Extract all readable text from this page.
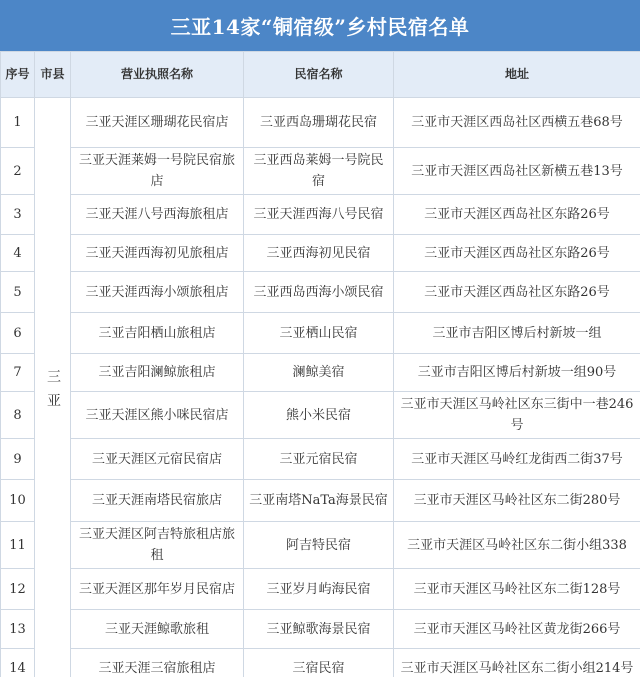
三亚14家“铜宿级”乡村民宿名单
序号	市县	营业执照名称	民宿名称	地址
1	三亚	三亚天涯区珊瑚花民宿店	三亚西岛珊瑚花民宿	三亚市天涯区西岛社区西横五巷68号
2		三亚天涯莱姆一号院民宿旅店	三亚西岛莱姆一号院民宿	三亚市天涯区西岛社区新横五巷13号
3		三亚天涯八号西海旅租店	三亚天涯西海八号民宿	三亚市天涯区西岛社区东路26号
4		三亚天涯西海初见旅租店	三亚西海初见民宿	三亚市天涯区西岛社区东路26号
5		三亚天涯西海小颂旅租店	三亚西岛西海小颂民宿	三亚市天涯区西岛社区东路26号
6		三亚吉阳栖山旅租店	三亚栖山民宿	三亚市吉阳区博后村新坡一组
7		三亚吉阳澜鲸旅租店	澜鲸美宿	三亚市吉阳区博后村新坡一组90号
8		三亚天涯区熊小咪民宿店	熊小米民宿	三亚市天涯区马岭社区东三街中一巷246号
9		三亚天涯区元宿民宿店	三亚元宿民宿	三亚市天涯区马岭红龙街西二街37号
10		三亚天涯南塔民宿旅店	三亚南塔NaTa海景民宿	三亚市天涯区马岭社区东二街280号
11		三亚天涯区阿吉特旅租店旅租	阿吉特民宿	三亚市天涯区马岭社区东二街小组338
12		三亚天涯区那年岁月民宿店	三亚岁月屿海民宿	三亚市天涯区马岭社区东二街128号
13		三亚天涯鲸歌旅租	三亚鲸歌海景民宿	三亚市天涯区马岭社区黄龙街266号
14		三亚天涯三宿旅租店	三宿民宿	三亚市天涯区马岭社区东二街小组214号
